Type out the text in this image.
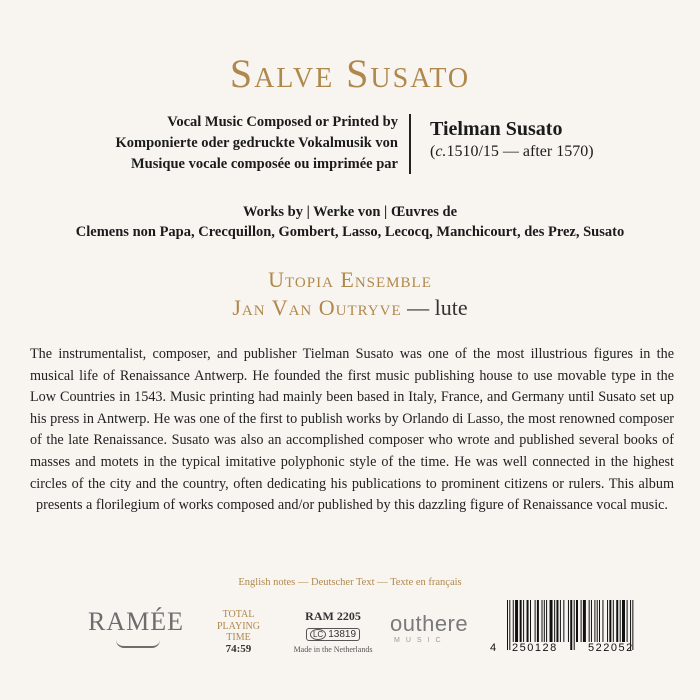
Salve Susato
Vocal Music Composed or Printed by
Komponierte oder gedruckte Vokalmusik von
Musique vocale composée ou imprimée par
Tielman Susato
(c.1510/15 — after 1570)
Works by | Werke von | Œuvres de
Clemens non Papa, Crecquillon, Gombert, Lasso, Lecocq, Manchicourt, des Prez, Susato
Utopia Ensemble
Jan Van Outryve — lute
The instrumentalist, composer, and publisher Tielman Susato was one of the most illustrious figures in the musical life of Renaissance Antwerp. He founded the first music publishing house to use movable type in the Low Countries in 1543. Music printing had mainly been based in Italy, France, and Germany until Susato set up his press in Antwerp. He was one of the first to publish works by Orlando di Lasso, the most renowned composer of the late Renaissance. Susato was also an accomplished composer who wrote and published several books of masses and motets in the typical imitative polyphonic style of the time. He was well connected in the highest circles of the city and the country, often dedicating his publications to prominent citizens or rulers. This album presents a florilegium of works composed and/or published by this dazzling figure of Renaissance vocal music.
English notes — Deutscher Text — Texte en français
RAMÉE	TOTAL
PLAYING
TIME
74:59
RAM 2205
LC 13819
Made in the Netherlands
outhere
MUSIC
4 250128	522052
